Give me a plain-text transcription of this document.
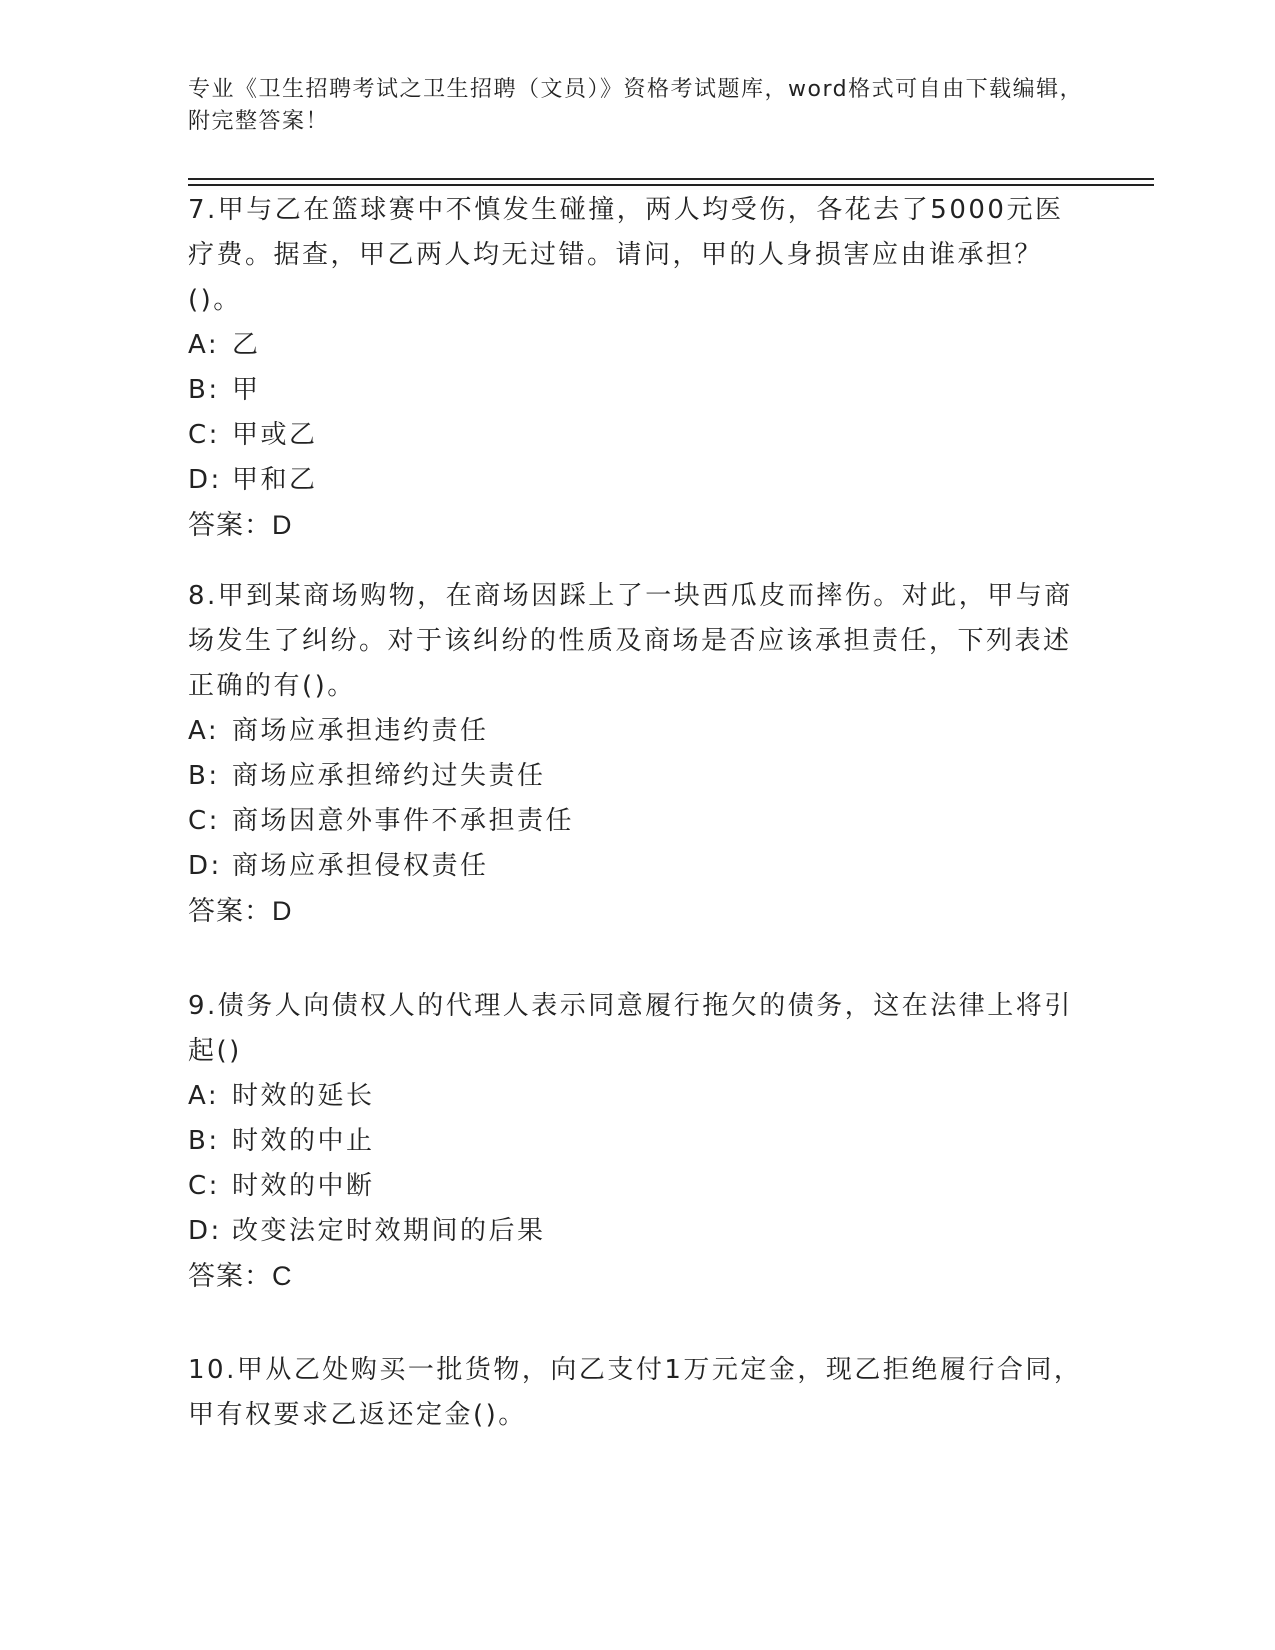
专业《卫生招聘考试之卫生招聘（文员）》资格考试题库，word格式可自由下载编辑，附完整答案！

7.甲与乙在篮球赛中不慎发生碰撞，两人均受伤，各花去了5000元医疗费。据查，甲乙两人均无过错。请问，甲的人身损害应由谁承担？()。

A: 乙

B: 甲

C: 甲或乙

D: 甲和乙

答案：D

8.甲到某商场购物，在商场因踩上了一块西瓜皮而摔伤。对此，甲与商场发生了纠纷。对于该纠纷的性质及商场是否应该承担责任，下列表述正确的有()。

A: 商场应承担违约责任

B: 商场应承担缔约过失责任

C: 商场因意外事件不承担责任

D: 商场应承担侵权责任

答案：D

9.债务人向债权人的代理人表示同意履行拖欠的债务，这在法律上将引起()

A: 时效的延长

B: 时效的中止

C: 时效的中断

D: 改变法定时效期间的后果

答案：C

10.甲从乙处购买一批货物，向乙支付1万元定金，现乙拒绝履行合同，甲有权要求乙返还定金()。
